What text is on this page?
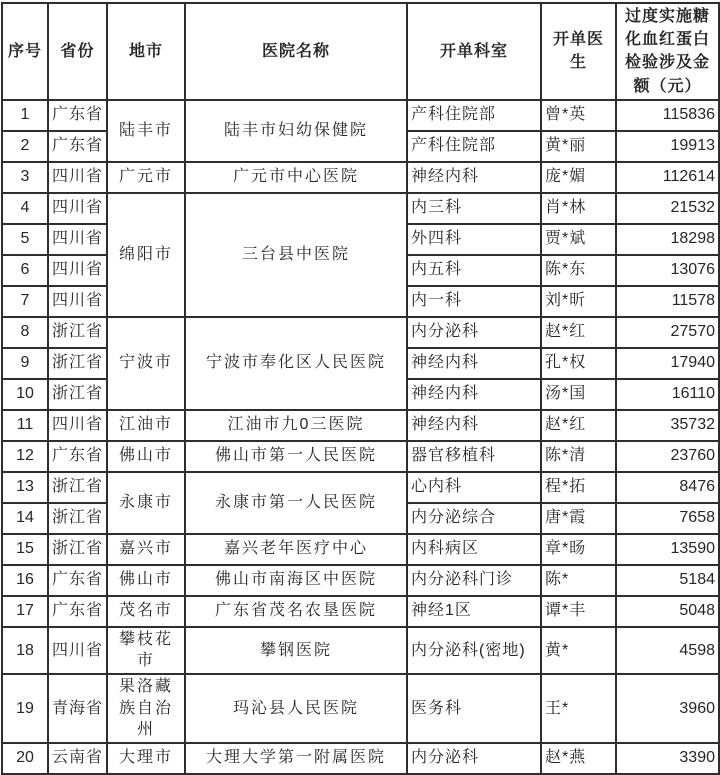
序号	省份	地市	医院名称	开单科室	开单医生	过度实施糖化血红蛋白检验涉及金额（元）
1	广东省	陆丰市	陆丰市妇幼保健院	产科住院部	曾*英	115836
2	广东省			产科住院部	黄*丽	19913
3	四川省	广元市	广元市中心医院	神经内科	庞*媚	112614
4	四川省	绵阳市	三台县中医院	内三科	肖*林	21532
5	四川省			外四科	贾*斌	18298
6	四川省			内五科	陈*东	13076
7	四川省			内一科	刘*昕	11578
8	浙江省	宁波市	宁波市奉化区人民医院	内分泌科	赵*红	27570
9	浙江省			神经内科	孔*权	17940
10	浙江省			神经内科	汤*国	16110
11	四川省	江油市	江油市九0三医院	神经内科	赵*红	35732
12	广东省	佛山市	佛山市第一人民医院	器官移植科	陈*清	23760
13	浙江省	永康市	永康市第一人民医院	心内科	程*拓	8476
14	浙江省			内分泌综合	唐*霞	7658
15	浙江省	嘉兴市	嘉兴老年医疗中心	内科病区	章*旸	13590
16	广东省	佛山市	佛山市南海区中医院	内分泌科门诊	陈*	5184
17	广东省	茂名市	广东省茂名农垦医院	神经1区	谭*丰	5048
18	四川省	攀枝花市	攀钢医院	内分泌科(密地)	黄*	4598
19	青海省	果洛藏族自治州	玛沁县人民医院	医务科	王*	3960
20	云南省	大理市	大理大学第一附属医院	内分泌科	赵*燕	3390
